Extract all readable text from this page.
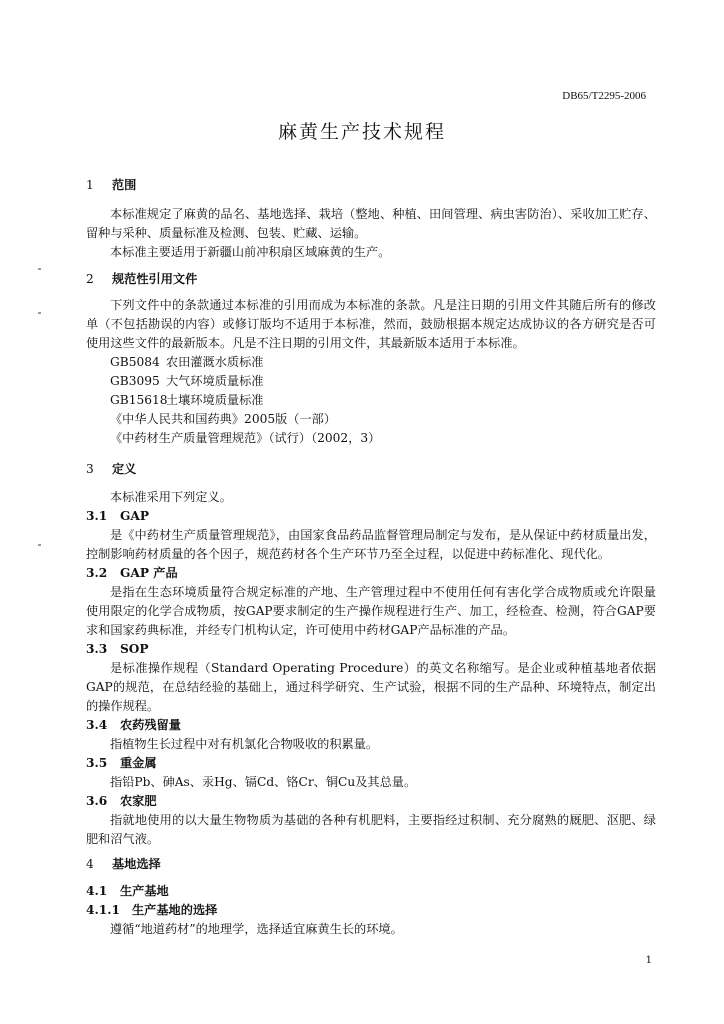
DB65/T2295-2006
麻黄生产技术规程
1 范围

本标准规定了麻黄的品名、基地选择、栽培（整地、种植、田间管理、病虫害防治）、采收加工贮存、留种与采种、质量标准及检测、包装、贮藏、运输。

本标准主要适用于新疆山前冲积扇区域麻黄的生产。

2 规范性引用文件

下列文件中的条款通过本标准的引用而成为本标准的条款。凡是注日期的引用文件其随后所有的修改单（不包括勘误的内容）或修订版均不适用于本标准，然而，鼓励根据本规定达成协议的各方研究是否可使用这些文件的最新版本。凡是不注日期的引用文件，其最新版本适用于本标准。

GB5084 农田灌溉水质标准

GB3095 大气环境质量标准

GB15618土壤环境质量标准

《中华人民共和国药典》2005版（一部）

《中药材生产质量管理规范》（试行）（2002，3）

3 定义

本标准采用下列定义。

3.1 GAP

是《中药材生产质量管理规范》，由国家食品药品监督管理局制定与发布，是从保证中药材质量出发，控制影响药材质量的各个因子，规范药材各个生产环节乃至全过程，以促进中药标准化、现代化。

3.2 GAP 产品

是指在生态环境质量符合规定标准的产地、生产管理过程中不使用任何有害化学合成物质或允许限量使用限定的化学合成物质，按GAP要求制定的生产操作规程进行生产、加工，经检查、检测，符合GAP要求和国家药典标准，并经专门机构认定，许可使用中药材GAP产品标准的产品。

3.3 SOP

是标准操作规程（Standard Operating Procedure）的英文名称缩写。是企业或种植基地者依据GAP的规范，在总结经验的基础上，通过科学研究、生产试验，根据不同的生产品种、环境特点，制定出的操作规程。

3.4 农药残留量

指植物生长过程中对有机氯化合物吸收的积累量。

3.5 重金属

指铅Pb、砷As、汞Hg、镉Cd、铬Cr、铜Cu及其总量。

3.6 农家肥

指就地使用的以大量生物物质为基础的各种有机肥料，主要指经过积制、充分腐熟的厩肥、沤肥、绿肥和沼气液。

4 基地选择
4.1 生产基地
4.1.1 生产基地的选择

遵循“地道药材”的地理学，选择适宜麻黄生长的环境。

1
